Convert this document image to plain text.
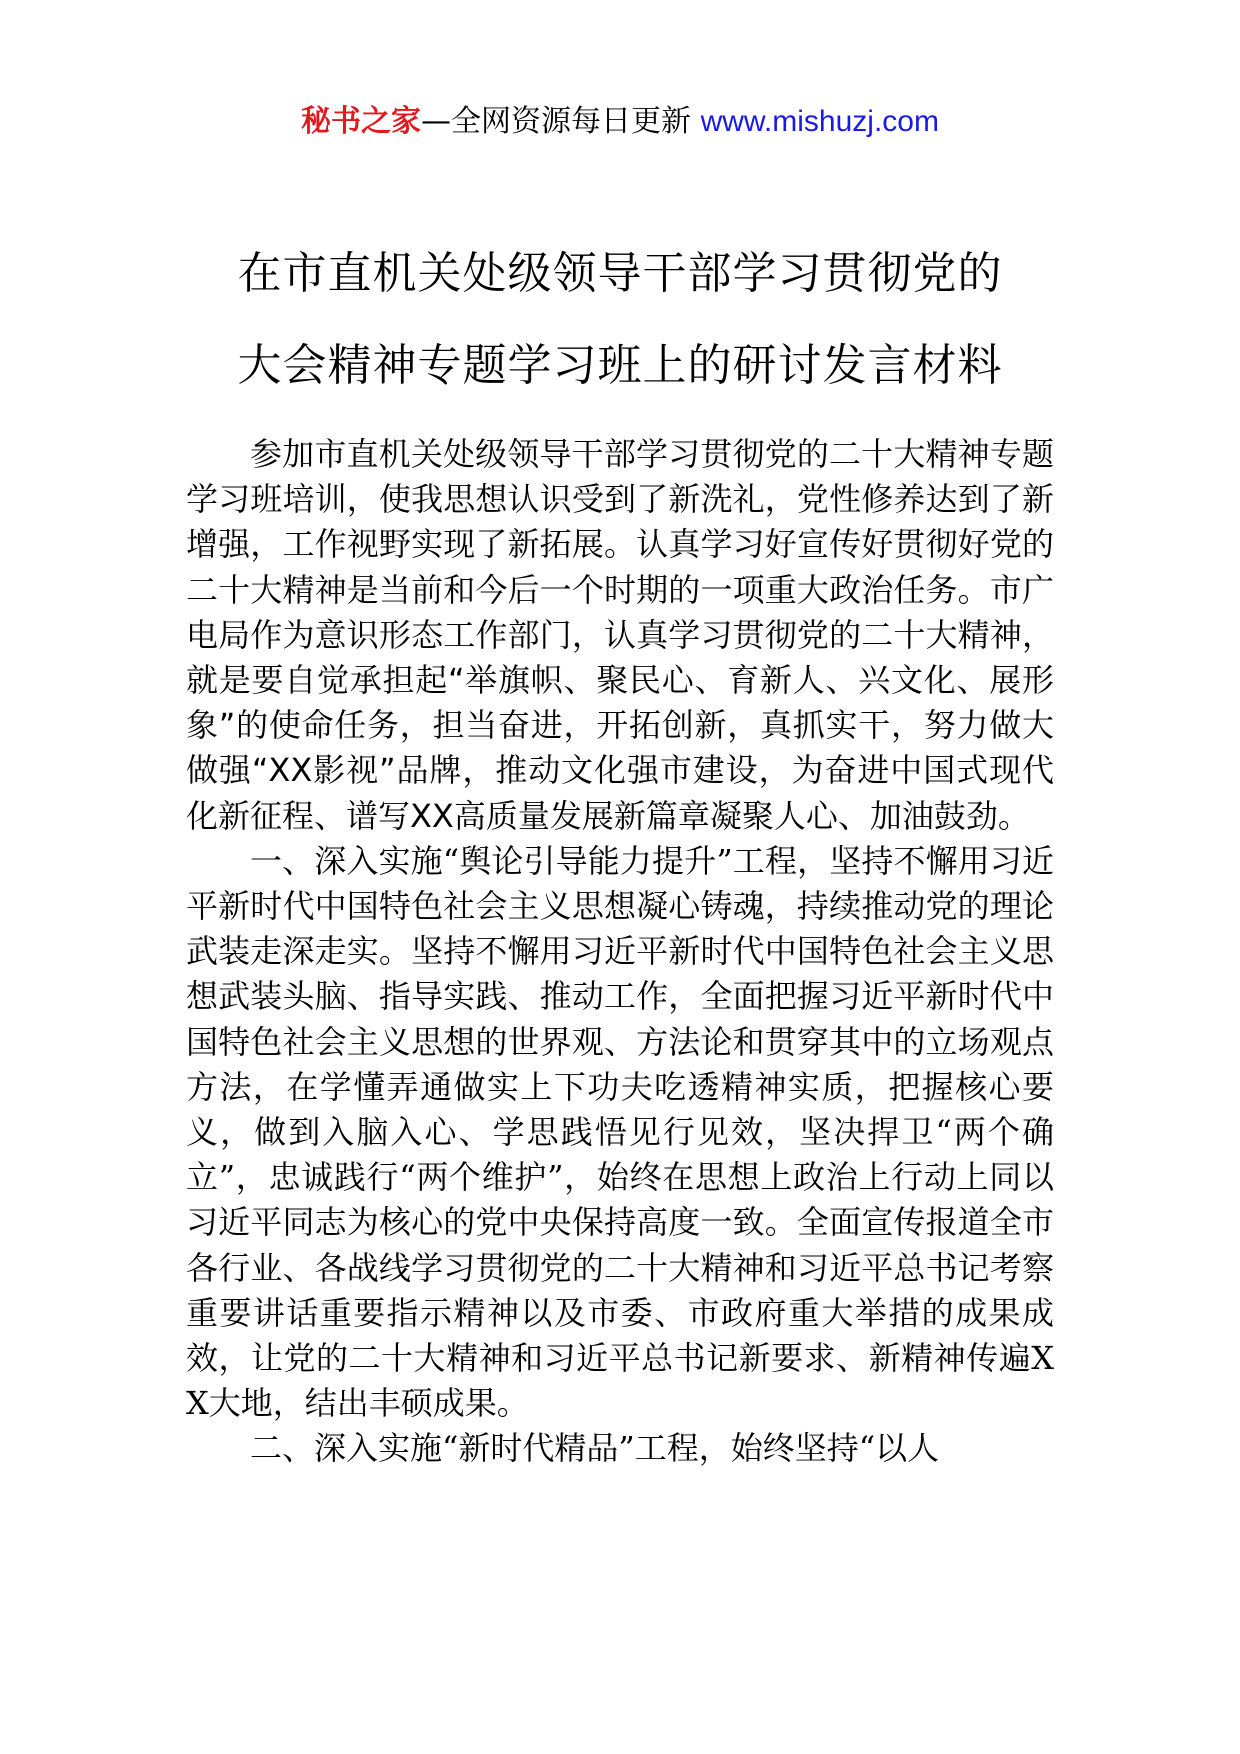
秘书之家—全网资源每日更新 www.mishuzj.com
在市直机关处级领导干部学习贯彻党的
大会精神专题学习班上的研讨发言材料

参加市直机关处级领导干部学习贯彻党的二十大精神专题学习班培训，使我思想认识受到了新洗礼，党性修养达到了新增强，工作视野实现了新拓展。认真学习好宣传好贯彻好党的二十大精神是当前和今后一个时期的一项重大政治任务。市广电局作为意识形态工作部门，认真学习贯彻党的二十大精神，就是要自觉承担起“举旗帜、聚民心、育新人、兴文化、展形象”的使命任务，担当奋进，开拓创新，真抓实干，努力做大做强“XX影视”品牌，推动文化强市建设，为奋进中国式现代化新征程、谱写XX高质量发展新篇章凝聚人心、加油鼓劲。

一、深入实施“舆论引导能力提升”工程，坚持不懈用习近平新时代中国特色社会主义思想凝心铸魂，持续推动党的理论武装走深走实。坚持不懈用习近平新时代中国特色社会主义思想武装头脑、指导实践、推动工作，全面把握习近平新时代中国特色社会主义思想的世界观、方法论和贯穿其中的立场观点方法，在学懂弄通做实上下功夫吃透精神实质，把握核心要义，做到入脑入心、学思践悟见行见效，坚决捍卫“两个确立”，忠诚践行“两个维护”，始终在思想上政治上行动上同以习近平同志为核心的党中央保持高度一致。全面宣传报道全市各行业、各战线学习贯彻党的二十大精神和习近平总书记考察重要讲话重要指示精神以及市委、市政府重大举措的成果成效，让党的二十大精神和习近平总书记新要求、新精神传遍XX大地，结出丰硕成果。

二、深入实施“新时代精品”工程，始终坚持“以人
